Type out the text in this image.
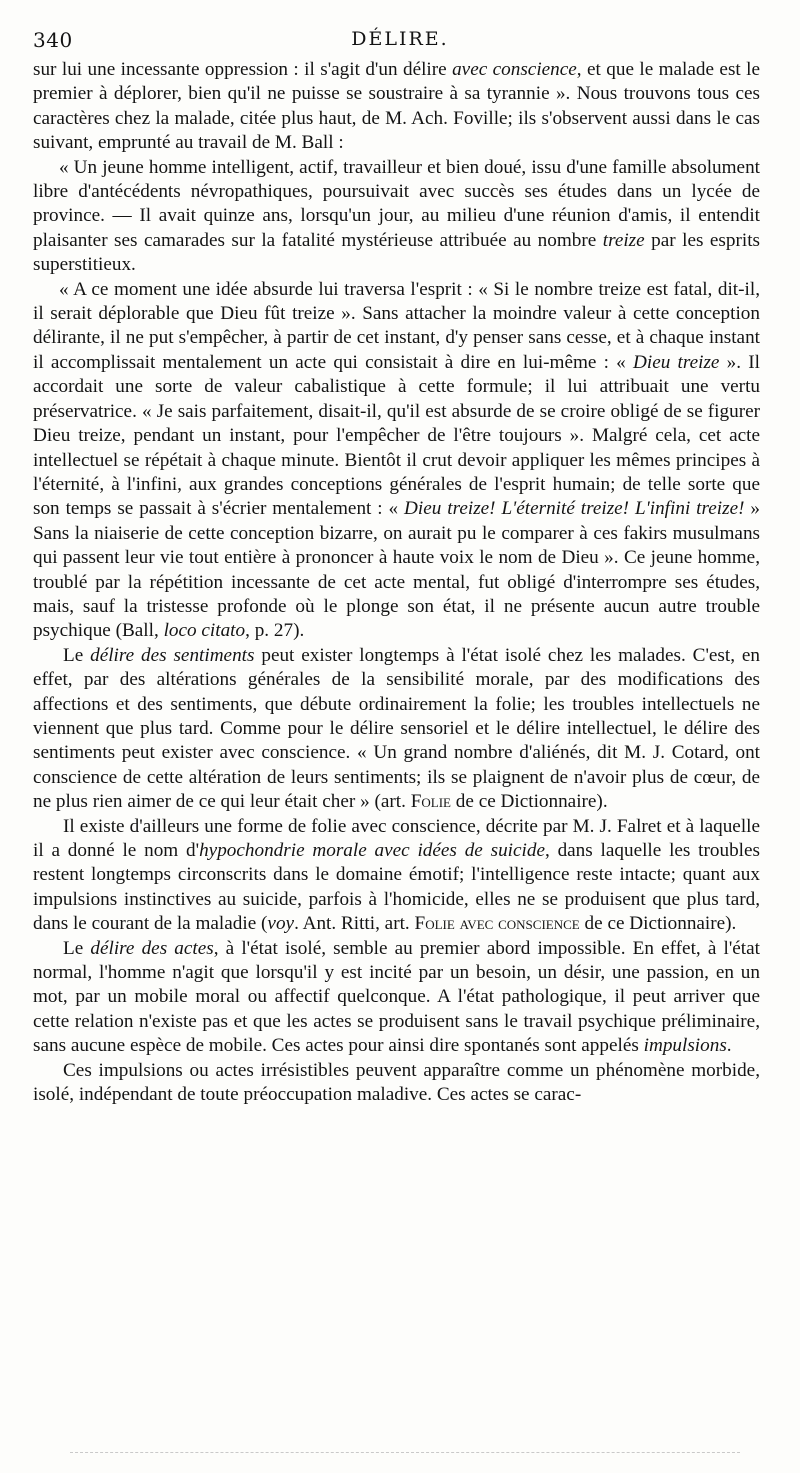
340	DÉLIRE.

sur lui une incessante oppression : il s'agit d'un délire avec conscience, et que le malade est le premier à déplorer, bien qu'il ne puisse se soustraire à sa tyrannie ». Nous trouvons tous ces caractères chez la malade, citée plus haut, de M. Ach. Foville; ils s'observent aussi dans le cas suivant, emprunté au travail de M. Ball :

« Un jeune homme intelligent, actif, travailleur et bien doué, issu d'une famille absolument libre d'antécédents névropathiques, poursuivait avec succès ses études dans un lycée de province. — Il avait quinze ans, lorsqu'un jour, au milieu d'une réunion d'amis, il entendit plaisanter ses camarades sur la fatalité mystérieuse attribuée au nombre treize par les esprits superstitieux.

« A ce moment une idée absurde lui traversa l'esprit : « Si le nombre treize est fatal, dit-il, il serait déplorable que Dieu fût treize ». Sans attacher la moindre valeur à cette conception délirante, il ne put s'empêcher, à partir de cet instant, d'y penser sans cesse, et à chaque instant il accomplissait mentalement un acte qui consistait à dire en lui-même : « Dieu treize ». Il accordait une sorte de valeur cabalistique à cette formule; il lui attribuait une vertu préservatrice. « Je sais parfaitement, disait-il, qu'il est absurde de se croire obligé de se figurer Dieu treize, pendant un instant, pour l'empêcher de l'être toujours ». Malgré cela, cet acte intellectuel se répétait à chaque minute. Bientôt il crut devoir appliquer les mêmes principes à l'éternité, à l'infini, aux grandes conceptions générales de l'esprit humain; de telle sorte que son temps se passait à s'écrier mentalement : « Dieu treize! L'éternité treize! L'infini treize! » Sans la niaiserie de cette conception bizarre, on aurait pu le comparer à ces fakirs musulmans qui passent leur vie tout entière à prononcer à haute voix le nom de Dieu ». Ce jeune homme, troublé par la répétition incessante de cet acte mental, fut obligé d'interrompre ses études, mais, sauf la tristesse profonde où le plonge son état, il ne présente aucun autre trouble psychique (Ball, loco citato, p. 27).

Le délire des sentiments peut exister longtemps à l'état isolé chez les malades. C'est, en effet, par des altérations générales de la sensibilité morale, par des modifications des affections et des sentiments, que débute ordinairement la folie; les troubles intellectuels ne viennent que plus tard. Comme pour le délire sensoriel et le délire intellectuel, le délire des sentiments peut exister avec conscience. « Un grand nombre d'aliénés, dit M. J. Cotard, ont conscience de cette altération de leurs sentiments; ils se plaignent de n'avoir plus de cœur, de ne plus rien aimer de ce qui leur était cher » (art. Folie de ce Dictionnaire).

Il existe d'ailleurs une forme de folie avec conscience, décrite par M. J. Falret et à laquelle il a donné le nom d'hypochondrie morale avec idées de suicide, dans laquelle les troubles restent longtemps circonscrits dans le domaine émotif; l'intelligence reste intacte; quant aux impulsions instinctives au suicide, parfois à l'homicide, elles ne se produisent que plus tard, dans le courant de la maladie (voy. Ant. Ritti, art. Folie avec conscience de ce Dictionnaire).

Le délire des actes, à l'état isolé, semble au premier abord impossible. En effet, à l'état normal, l'homme n'agit que lorsqu'il y est incité par un besoin, un désir, une passion, en un mot, par un mobile moral ou affectif quelconque. A l'état pathologique, il peut arriver que cette relation n'existe pas et que les actes se produisent sans le travail psychique préliminaire, sans aucune espèce de mobile. Ces actes pour ainsi dire spontanés sont appelés impulsions.

Ces impulsions ou actes irrésistibles peuvent apparaître comme un phénomène morbide, isolé, indépendant de toute préoccupation maladive. Ces actes se carac-
